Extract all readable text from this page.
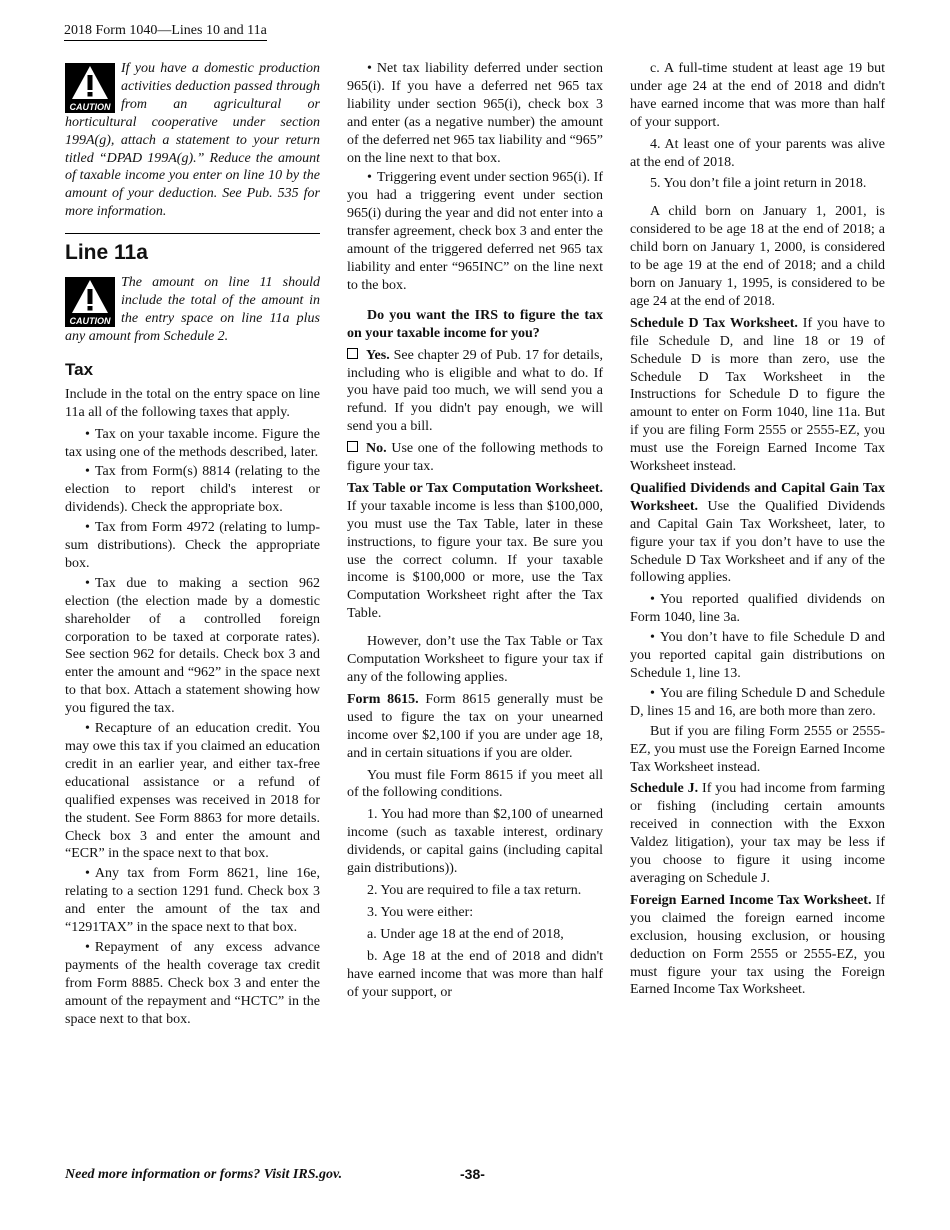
2018 Form 1040—Lines 10 and 11a
CAUTION
If you have a domestic production activities deduction passed through from an agricultural or horticultural cooperative under section 199A(g), attach a statement to your return titled “DPAD 199A(g).” Reduce the amount of taxable income you enter on line 10 by the amount of your deduction. See Pub. 535 for more information.
Line 11a
CAUTION
The amount on line 11 should include the total of the amount in the entry space on line 11a plus any amount from Schedule 2.
Tax

Include in the total on the entry space on line 11a all of the following taxes that apply.

• Tax on your taxable income. Figure the tax using one of the methods described, later.

• Tax from Form(s) 8814 (relating to the election to report child's interest or dividends). Check the appropriate box.

• Tax from Form 4972 (relating to lump-sum distributions). Check the appropriate box.

• Tax due to making a section 962 election (the election made by a domestic shareholder of a controlled foreign corporation to be taxed at corporate rates). See section 962 for details. Check box 3 and enter the amount and “962” in the space next to that box. Attach a statement showing how you figured the tax.

• Recapture of an education credit. You may owe this tax if you claimed an education credit in an earlier year, and either tax-free educational assistance or a refund of qualified expenses was received in 2018 for the student. See Form 8863 for more details. Check box 3 and enter the amount and “ECR” in the space next to that box.

• Any tax from Form 8621, line 16e, relating to a section 1291 fund. Check box 3 and enter the amount of the tax and “1291TAX” in the space next to that box.

• Repayment of any excess advance payments of the health coverage tax credit from Form 8885. Check box 3 and enter the amount of the repayment and “HCTC” in the space next to that box.

• Net tax liability deferred under section 965(i). If you have a deferred net 965 tax liability under section 965(i), check box 3 and enter (as a negative number) the amount of the deferred net 965 tax liability and “965” on the line next to that box.

• Triggering event under section 965(i). If you had a triggering event under section 965(i) during the year and did not enter into a transfer agreement, check box 3 and enter the amount of the triggered deferred net 965 tax liability and enter “965INC” on the line next to the box.

Do you want the IRS to figure the tax on your taxable income for you?

Yes. See chapter 29 of Pub. 17 for details, including who is eligible and what to do. If you have paid too much, we will send you a refund. If you didn't pay enough, we will send you a bill.

No. Use one of the following methods to figure your tax.

Tax Table or Tax Computation Worksheet. If your taxable income is less than $100,000, you must use the Tax Table, later in these instructions, to figure your tax. Be sure you use the correct column. If your taxable income is $100,000 or more, use the Tax Computation Worksheet right after the Tax Table.

However, don’t use the Tax Table or Tax Computation Worksheet to figure your tax if any of the following applies.

Form 8615. Form 8615 generally must be used to figure the tax on your unearned income over $2,100 if you are under age 18, and in certain situations if you are older.

You must file Form 8615 if you meet all of the following conditions.

1. You had more than $2,100 of unearned income (such as taxable interest, ordinary dividends, or capital gains (including capital gain distributions)).

2. You are required to file a tax return.

3. You were either:

a. Under age 18 at the end of 2018,

b. Age 18 at the end of 2018 and didn't have earned income that was more than half of your support, or

c. A full-time student at least age 19 but under age 24 at the end of 2018 and didn't have earned income that was more than half of your support.

4. At least one of your parents was alive at the end of 2018.

5. You don’t file a joint return in 2018.

A child born on January 1, 2001, is considered to be age 18 at the end of 2018; a child born on January 1, 2000, is considered to be age 19 at the end of 2018; and a child born on January 1, 1995, is considered to be age 24 at the end of 2018.

Schedule D Tax Worksheet. If you have to file Schedule D, and line 18 or 19 of Schedule D is more than zero, use the Schedule D Tax Worksheet in the Instructions for Schedule D to figure the amount to enter on Form 1040, line 11a. But if you are filing Form 2555 or 2555-EZ, you must use the Foreign Earned Income Tax Worksheet instead.

Qualified Dividends and Capital Gain Tax Worksheet. Use the Qualified Dividends and Capital Gain Tax Worksheet, later, to figure your tax if you don’t have to use the Schedule D Tax Worksheet and if any of the following applies.

• You reported qualified dividends on Form 1040, line 3a.

• You don’t have to file Schedule D and you reported capital gain distributions on Schedule 1, line 13.

• You are filing Schedule D and Schedule D, lines 15 and 16, are both more than zero.

But if you are filing Form 2555 or 2555-EZ, you must use the Foreign Earned Income Tax Worksheet instead.

Schedule J. If you had income from farming or fishing (including certain amounts received in connection with the Exxon Valdez litigation), your tax may be less if you choose to figure it using income averaging on Schedule J.

Foreign Earned Income Tax Worksheet. If you claimed the foreign earned income exclusion, housing exclusion, or housing deduction on Form 2555 or 2555-EZ, you must figure your tax using the Foreign Earned Income Tax Worksheet.

Need more information or forms? Visit IRS.gov.	-38-
